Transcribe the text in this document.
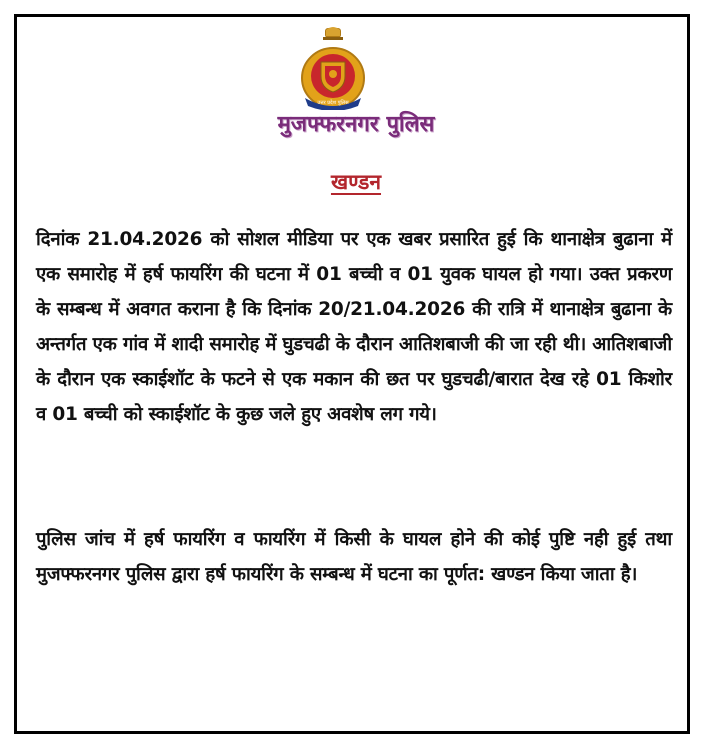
उत्तर प्रदेश पुलिस
मुजफ्फरनगर पुलिस
खण्डन

दिनांक 21.04.2026 को सोशल मीडिया पर एक खबर प्रसारित हुई कि थानाक्षेत्र बुढाना में एक समारोह में हर्ष फायरिंग की घटना में 01 बच्ची व 01 युवक घायल हो गया। उक्त प्रकरण के सम्बन्ध में अवगत कराना है कि दिनांक 20/21.04.2026 की रात्रि में थानाक्षेत्र बुढाना के अन्तर्गत एक गांव में शादी समारोह में घुडचढी के दौरान आतिशबाजी की जा रही थी। आतिशबाजी के दौरान एक स्काईशॉट के फटने से एक मकान की छत पर घुडचढी/बारात देख रहे 01 किशोर व 01 बच्ची को स्काईशॉट के कुछ जले हुए अवशेष लग गये।

पुलिस जांच में हर्ष फायरिंग व फायरिंग में किसी के घायल होने की कोई पुष्टि नही हुई तथा मुजफ्फरनगर पुलिस द्वारा हर्ष फायरिंग के सम्बन्ध में घटना का पूर्णत: खण्डन किया जाता है।
